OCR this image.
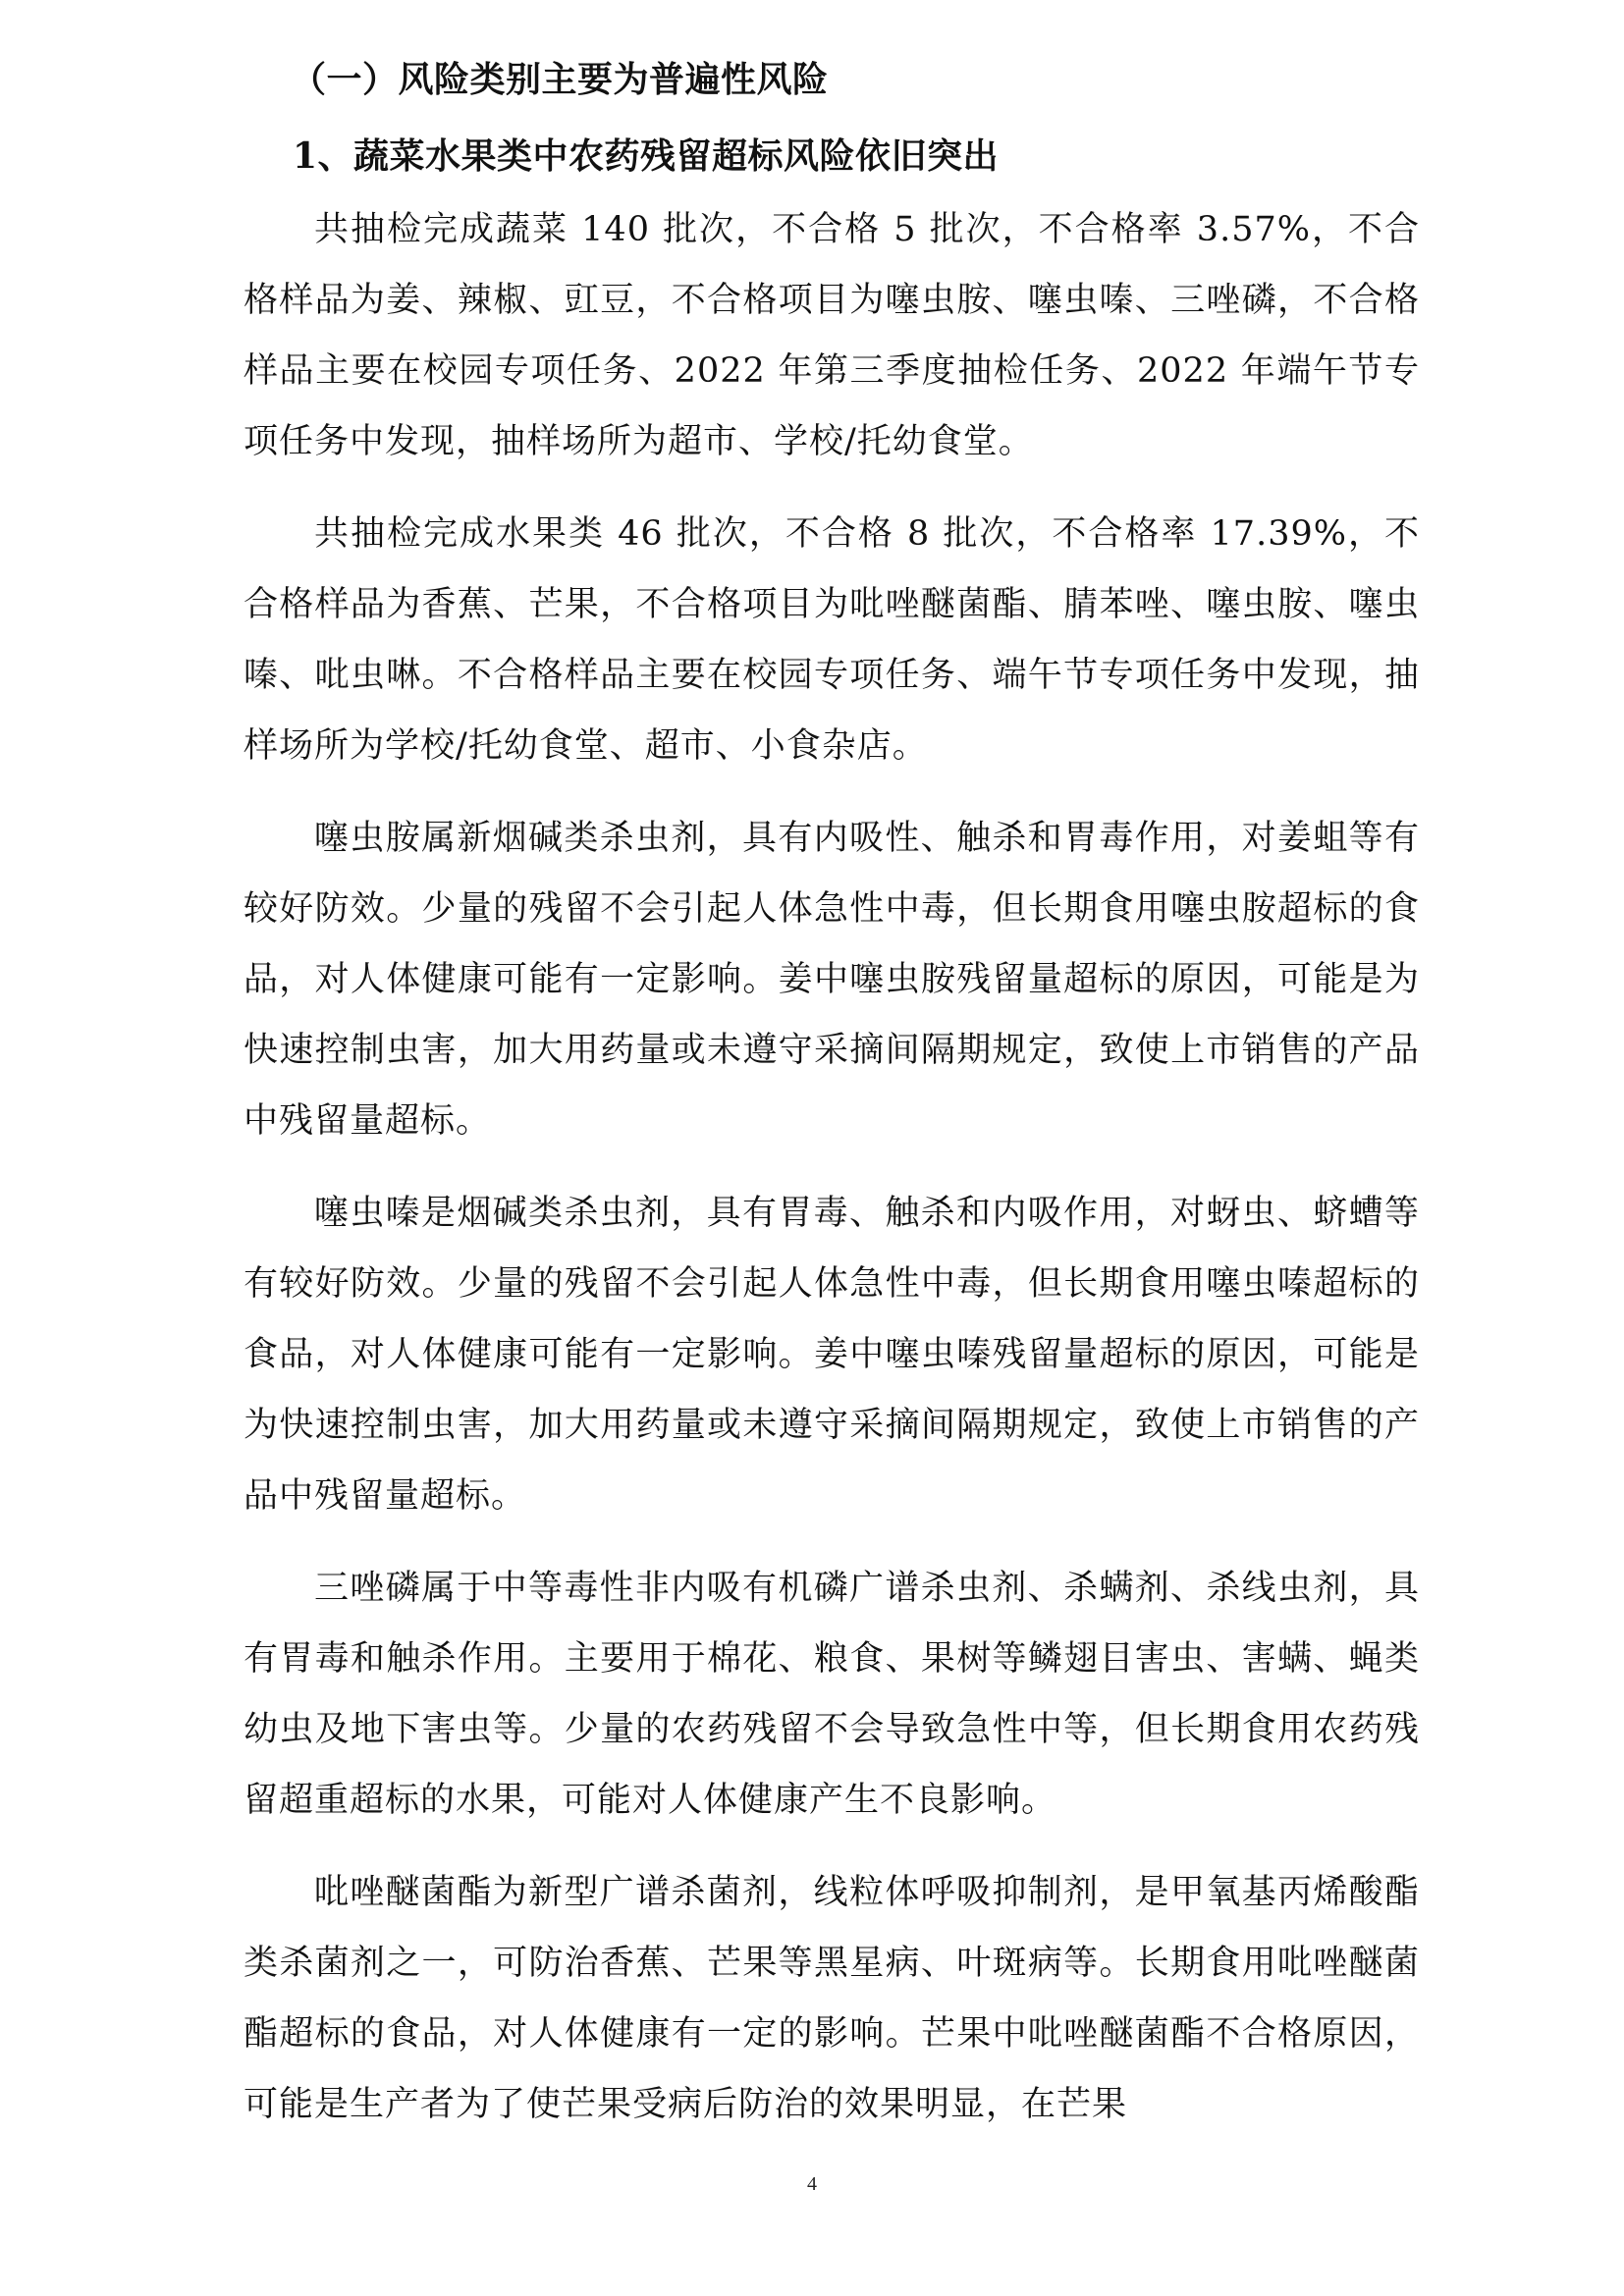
（一）风险类别主要为普遍性风险
1、蔬菜水果类中农药残留超标风险依旧突出

共抽检完成蔬菜 140 批次，不合格 5 批次，不合格率 3.57%，不合格样品为姜、辣椒、豇豆，不合格项目为噻虫胺、噻虫嗪、三唑磷，不合格样品主要在校园专项任务、2022 年第三季度抽检任务、2022 年端午节专项任务中发现，抽样场所为超市、学校/托幼食堂。

共抽检完成水果类 46 批次，不合格 8 批次，不合格率 17.39%，不合格样品为香蕉、芒果，不合格项目为吡唑醚菌酯、腈苯唑、噻虫胺、噻虫嗪、吡虫啉。不合格样品主要在校园专项任务、端午节专项任务中发现，抽样场所为学校/托幼食堂、超市、小食杂店。

噻虫胺属新烟碱类杀虫剂，具有内吸性、触杀和胃毒作用，对姜蛆等有较好防效。少量的残留不会引起人体急性中毒，但长期食用噻虫胺超标的食品，对人体健康可能有一定影响。姜中噻虫胺残留量超标的原因，可能是为快速控制虫害，加大用药量或未遵守采摘间隔期规定，致使上市销售的产品中残留量超标。

噻虫嗪是烟碱类杀虫剂，具有胃毒、触杀和内吸作用，对蚜虫、蛴螬等有较好防效。少量的残留不会引起人体急性中毒，但长期食用噻虫嗪超标的食品，对人体健康可能有一定影响。姜中噻虫嗪残留量超标的原因，可能是为快速控制虫害，加大用药量或未遵守采摘间隔期规定，致使上市销售的产品中残留量超标。

三唑磷属于中等毒性非内吸有机磷广谱杀虫剂、杀螨剂、杀线虫剂，具有胃毒和触杀作用。主要用于棉花、粮食、果树等鳞翅目害虫、害螨、蝇类幼虫及地下害虫等。少量的农药残留不会导致急性中等，但长期食用农药残留超重超标的水果，可能对人体健康产生不良影响。

吡唑醚菌酯为新型广谱杀菌剂，线粒体呼吸抑制剂，是甲氧基丙烯酸酯类杀菌剂之一，可防治香蕉、芒果等黑星病、叶斑病等。长期食用吡唑醚菌酯超标的食品，对人体健康有一定的影响。芒果中吡唑醚菌酯不合格原因，可能是生产者为了使芒果受病后防治的效果明显，在芒果

4
